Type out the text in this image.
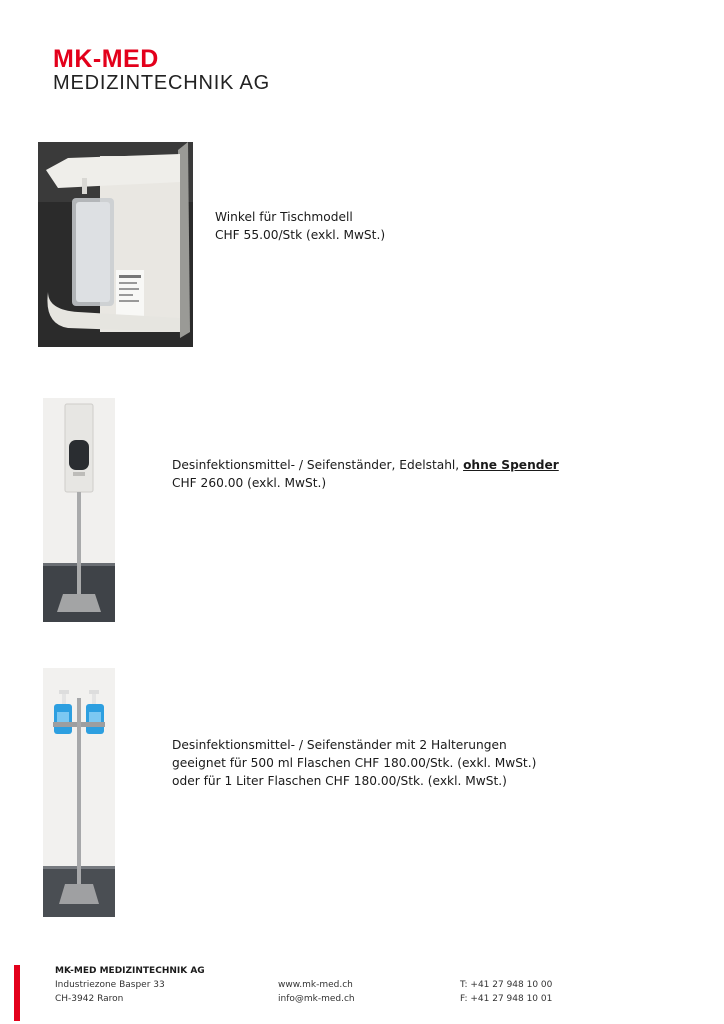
MK-MED
MEDIZINTECHNIK AG
Winkel für Tischmodell
CHF 55.00/Stk (exkl. MwSt.)
Desinfektionsmittel- / Seifenständer, Edelstahl, ohne Spender
CHF 260.00 (exkl. MwSt.)
Desinfektionsmittel- / Seifenständer mit 2 Halterungen
geeignet für 500 ml Flaschen CHF 180.00/Stk. (exkl. MwSt.)
oder für 1 Liter Flaschen CHF 180.00/Stk. (exkl. MwSt.)
MK-MED MEDIZINTECHNIK AG
Industriezone Basper 33
CH-3942 Raron
www.mk-med.ch
info@mk-med.ch
T: +41 27 948 10 00
F: +41 27 948 10 01
